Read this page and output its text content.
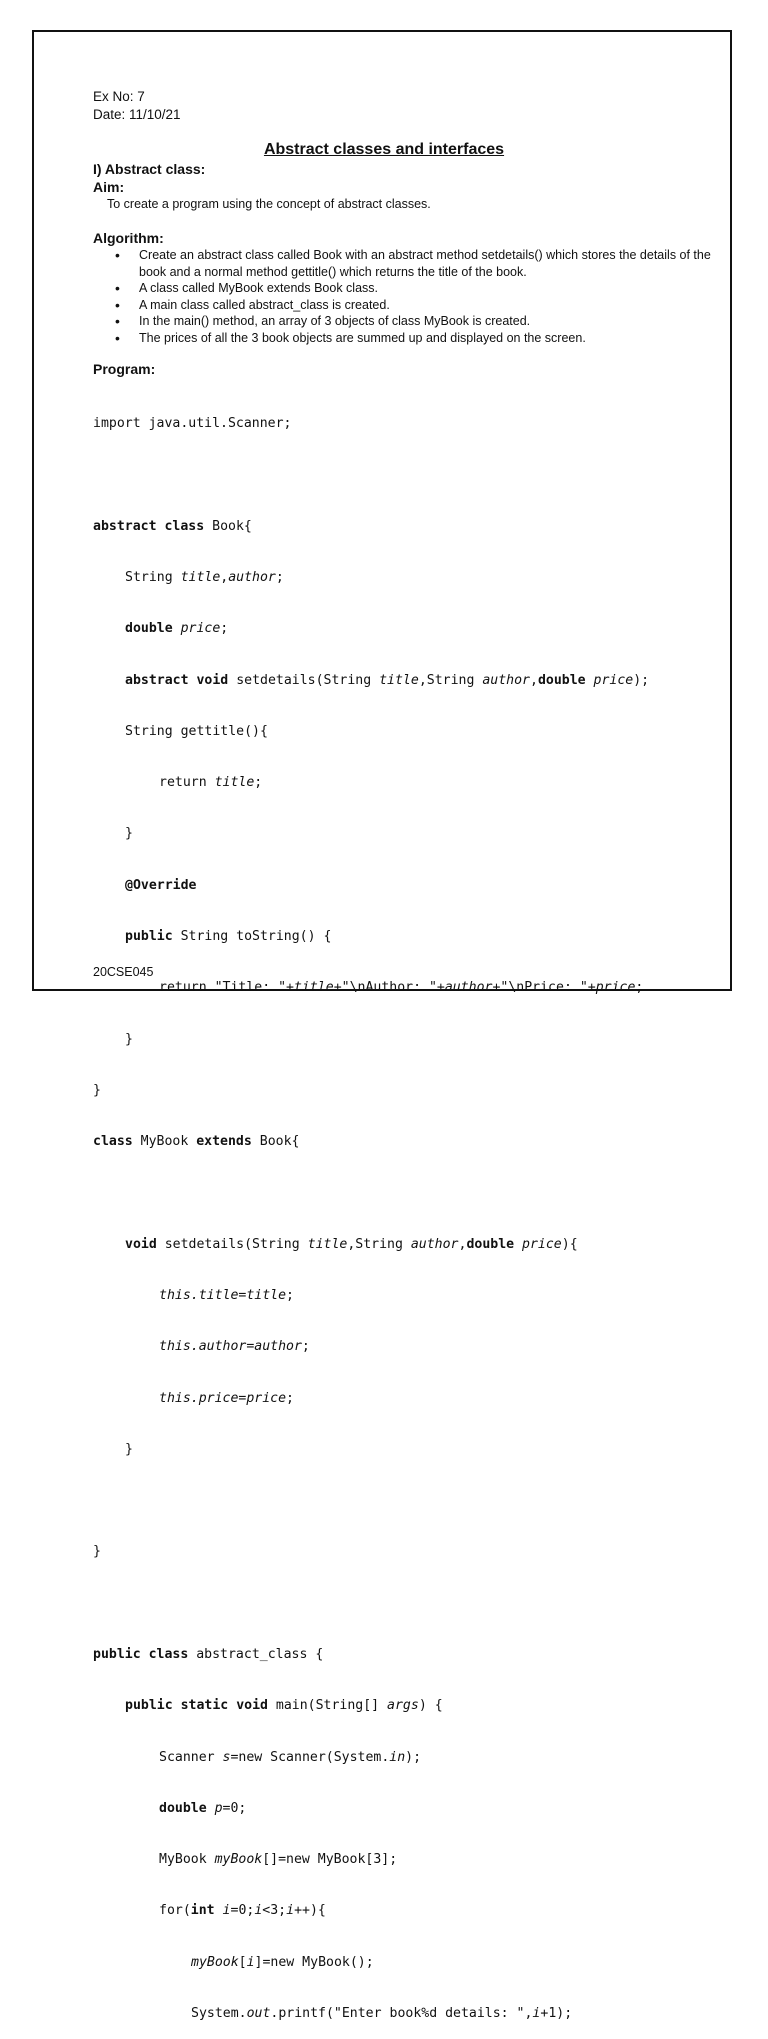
Ex No: 7
Date: 11/10/21
Abstract classes and interfaces
I) Abstract class:
Aim:
To create a program using the concept of abstract classes.
Algorithm:
• Create an abstract class called Book with an abstract method setdetails() which stores the details of the book and a normal method gettitle() which returns the title of the book.
• A class called MyBook extends Book class.
• A main class called abstract_class is created.
• In the main() method, an array of 3 objects of class MyBook is created.
• The prices of all the 3 book objects are summed up and displayed on the screen.
Program:

import java.util.Scanner;

abstract class Book{

String title,author;

double price;

abstract void setdetails(String title,String author,double price);

String gettitle(){

return title;

}

@Override

public String toString() {

return "Title: "+title+"\nAuthor: "+author+"\nPrice: "+price;

}

}

class MyBook extends Book{

void setdetails(String title,String author,double price){

this.title=title;

this.author=author;

this.price=price;

}

}

public class abstract_class {

public static void main(String[] args) {

Scanner s=new Scanner(System.in);

double p=0;

MyBook myBook[]=new MyBook[3];

for(int i=0;i<3;i++){

myBook[i]=new MyBook();

System.out.printf("Enter book%d details: ",i+1);

20CSE045
